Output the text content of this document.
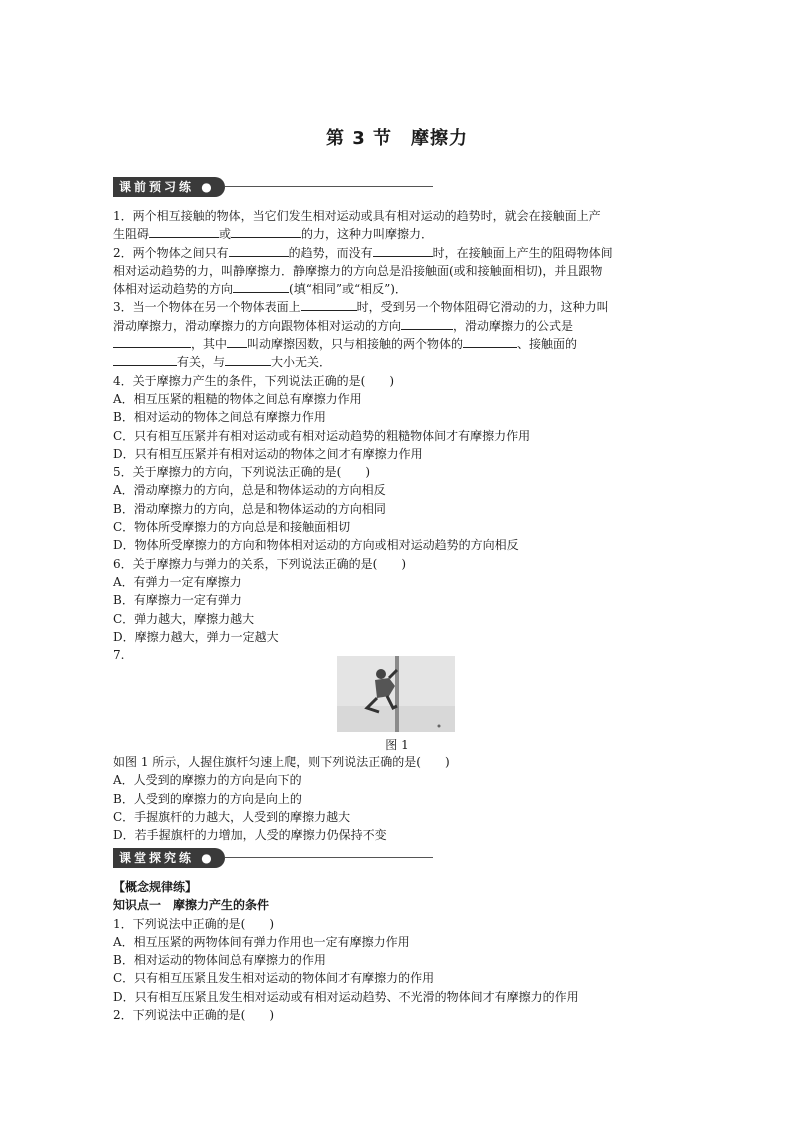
第 3 节　摩擦力
课前预习练 ●

1．两个相互接触的物体，当它们发生相对运动或具有相对运动的趋势时，就会在接触面上产

生阻碍	或	的力，这种力叫摩擦力．

2．两个物体之间只有	的趋势，而没有	时，在接触面上产生的阻碍物体间

相对运动趋势的力，叫静摩擦力．静摩擦力的方向总是沿接触面(或和接触面相切)，并且跟物

体相对运动趋势的方向	(填“相同”或“相反”)．

3．当一个物体在另一个物体表面上	时，受到另一个物体阻碍它滑动的力，这种力叫

滑动摩擦力，滑动摩擦力的方向跟物体相对运动的方向	，滑动摩擦力的公式是

，其中 叫动摩擦因数，只与相接触的两个物体的	、接触面的

有关，与	大小无关．

4．关于摩擦力产生的条件，下列说法正确的是(　　)

A．相互压紧的粗糙的物体之间总有摩擦力作用

B．相对运动的物体之间总有摩擦力作用

C．只有相互压紧并有相对运动或有相对运动趋势的粗糙物体间才有摩擦力作用

D．只有相互压紧并有相对运动的物体之间才有摩擦力作用

5．关于摩擦力的方向，下列说法正确的是(　　)

A．滑动摩擦力的方向，总是和物体运动的方向相反

B．滑动摩擦力的方向，总是和物体运动的方向相同

C．物体所受摩擦力的方向总是和接触面相切

D．物体所受摩擦力的方向和物体相对运动的方向或相对运动趋势的方向相反

6．关于摩擦力与弹力的关系，下列说法正确的是(　　)

A．有弹力一定有摩擦力

B．有摩擦力一定有弹力

C．弹力越大，摩擦力越大

D．摩擦力越大，弹力一定越大

7.

图 1

如图 1 所示，人握住旗杆匀速上爬，则下列说法正确的是(　　)

A．人受到的摩擦力的方向是向下的

B．人受到的摩擦力的方向是向上的

C．手握旗杆的力越大，人受到的摩擦力越大

D．若手握旗杆的力增加，人受的摩擦力仍保持不变

课堂探究练 ●

【概念规律练】

知识点一　摩擦力产生的条件

1．下列说法中正确的是(　　)

A．相互压紧的两物体间有弹力作用也一定有摩擦力作用

B．相对运动的物体间总有摩擦力的作用

C．只有相互压紧且发生相对运动的物体间才有摩擦力的作用

D．只有相互压紧且发生相对运动或有相对运动趋势、不光滑的物体间才有摩擦力的作用

2．下列说法中正确的是(　　)
